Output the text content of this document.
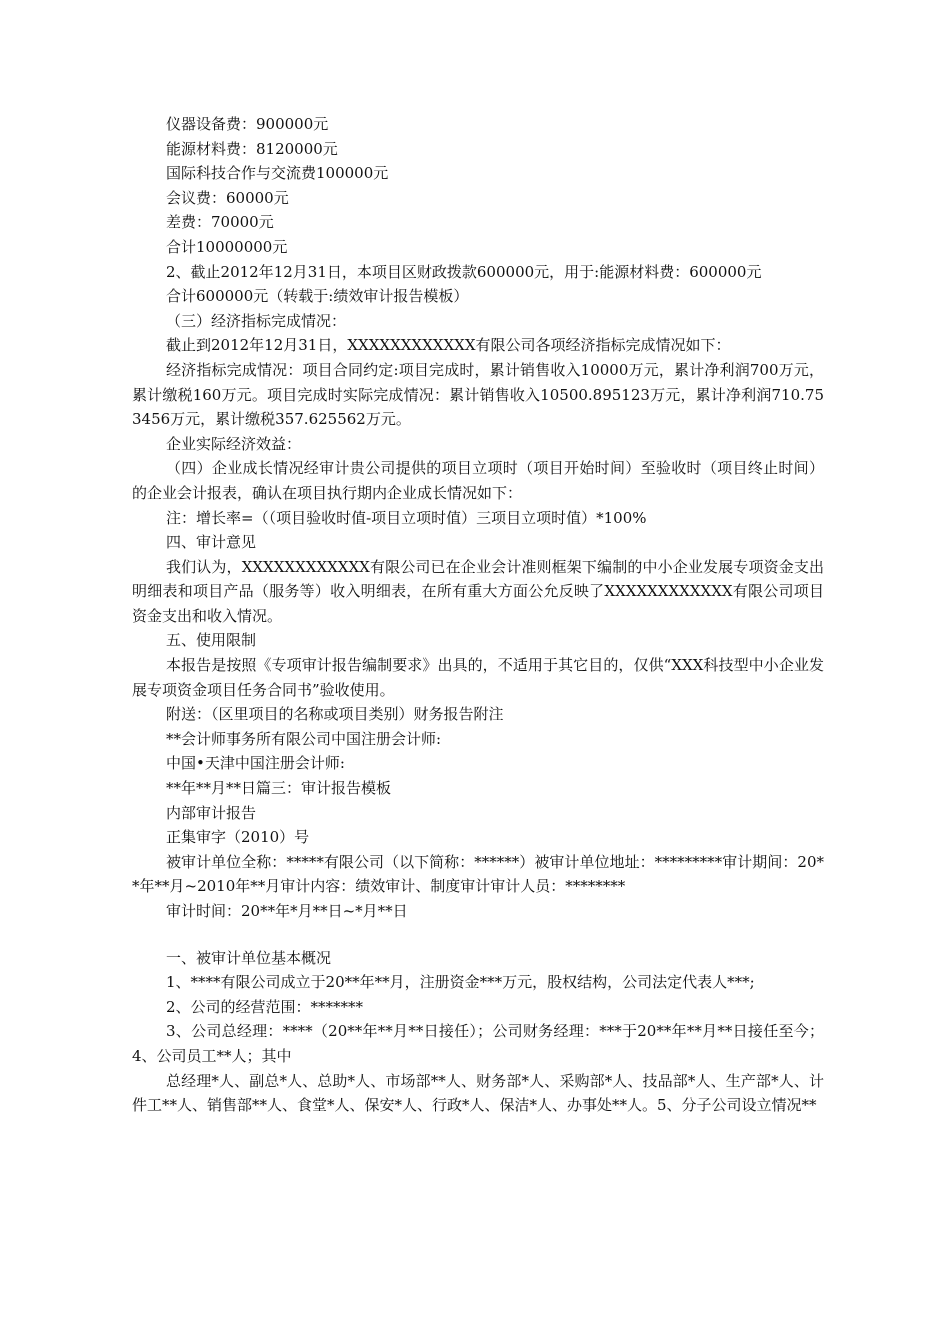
仪器设备费：900000元

能源材料费：8120000元

国际科技合作与交流费100000元

会议费：60000元

差费：70000元

合计10000000元

2、截止2012年12月31日，本项目区财政拨款600000元，用于:能源材料费：600000元

合计600000元（转载于:绩效审计报告模板）

（三）经济指标完成情况：

截止到2012年12月31日，XXXXXXXXXXXX有限公司各项经济指标完成情况如下：

经济指标完成情况：项目合同约定:项目完成时，累计销售收入10000万元，累计净利润700万元，累计缴税160万元。项目完成时实际完成情况：累计销售收入10500.895123万元，累计净利润710.753456万元，累计缴税357.625562万元。

企业实际经济效益：

（四）企业成长情况经审计贵公司提供的项目立项时（项目开始时间）至验收时（项目终止时间）的企业会计报表，确认在项目执行期内企业成长情况如下：

注：增长率=（（项目验收时值-项目立项时值）三项目立项时值）*100%

四、审计意见

我们认为，XXXXXXXXXXXX有限公司已在企业会计准则框架下编制的中小企业发展专项资金支出明细表和项目产品（服务等）收入明细表，在所有重大方面公允反映了XXXXXXXXXXXX有限公司项目资金支出和收入情况。

五、使用限制

本报告是按照《专项审计报告编制要求》出具的，不适用于其它目的，仅供“XXX科技型中小企业发展专项资金项目任务合同书”验收使用。

附送：（区里项目的名称或项目类别）财务报告附注

**会计师事务所有限公司中国注册会计师:

中国•天津中国注册会计师:

**年**月**日篇三：审计报告模板

内部审计报告

正集审字（2010）号

被审计单位全称：*****有限公司（以下简称：******）被审计单位地址：*********审计期间：20**年**月~2010年**月审计内容：绩效审计、制度审计审计人员：********

审计时间：20**年*月**日~*月**日

一、被审计单位基本概况

1、****有限公司成立于20**年**月，注册资金***万元，股权结构，公司法定代表人***;

2、公司的经营范围：*******

3、公司总经理：****（20**年**月**日接任）；公司财务经理：***于20**年**月**日接任至今；4、公司员工**人；其中

总经理*人、副总*人、总助*人、市场部**人、财务部*人、采购部*人、技品部*人、生产部*人、计件工**人、销售部**人、食堂*人、保安*人、行政*人、保洁*人、办事处**人。5、分子公司设立情况**
